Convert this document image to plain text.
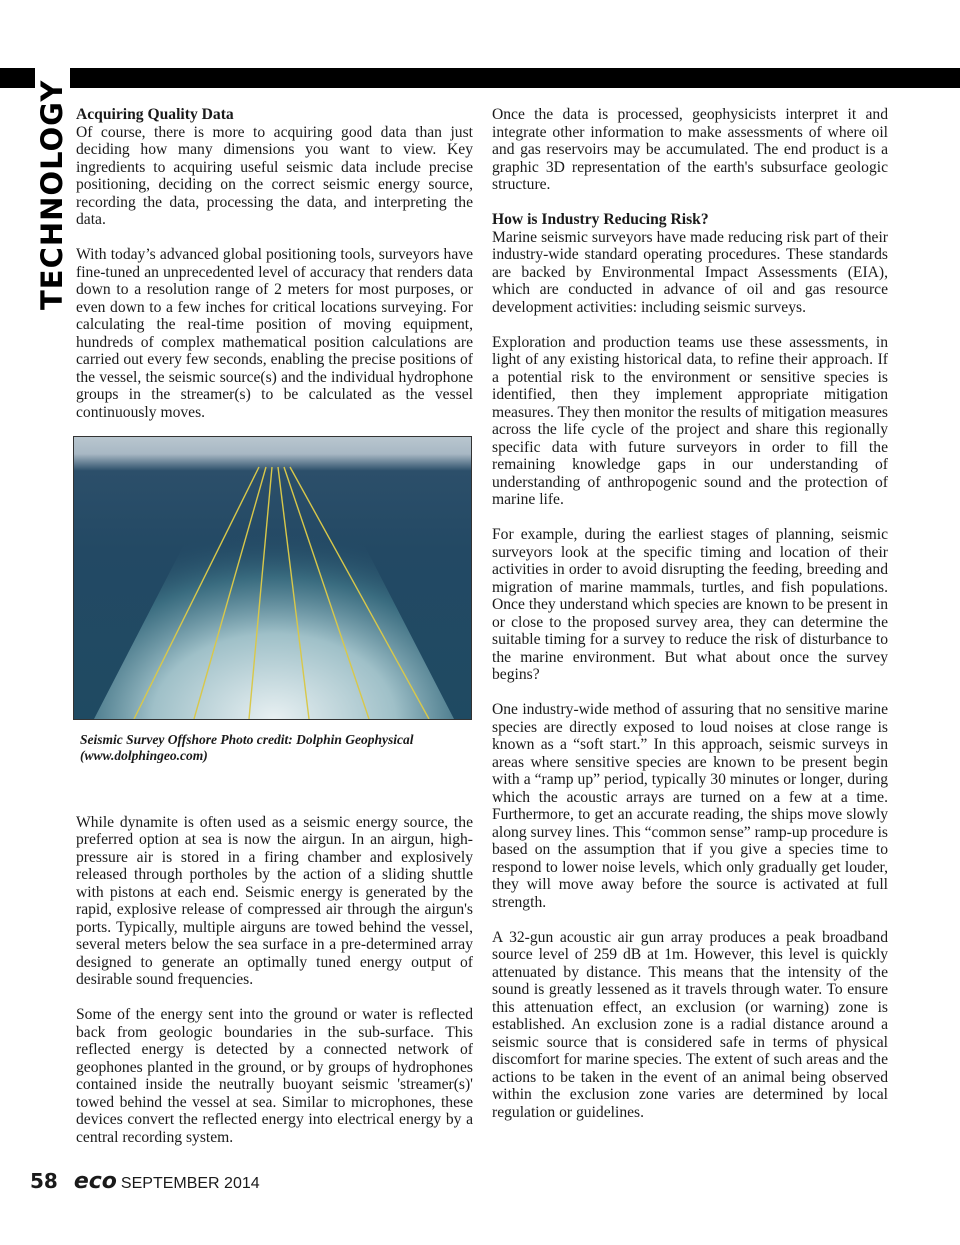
TECHNOLOGY Acquiring Quality Data

Of course, there is more to acquiring good data than just deciding how many dimensions you want to view. Key ingredients to acquiring useful seismic data include precise positioning, deciding on the correct seismic energy source, recording the data, processing the data, and interpreting the data.

With today’s advanced global positioning tools, surveyors have fine-tuned an unprecedented level of accuracy that renders data down to a resolution range of 2 meters for most purposes, or even down to a few inches for critical locations surveying. For calculating the real-time position of moving equipment, hundreds of complex mathematical position calculations are carried out every few seconds, enabling the precise positions of the vessel, the seismic source(s) and the individual hydrophone groups in the streamer(s) to be calculated as the vessel continuously moves.

Seismic Survey Offshore Photo credit: Dolphin Geophysical (www.dolphingeo.com)

While dynamite is often used as a seismic energy source, the preferred option at sea is now the airgun. In an airgun, high-pressure air is stored in a firing chamber and explosively released through portholes by the action of a sliding shuttle with pistons at each end. Seismic energy is generated by the rapid, explosive release of compressed air through the airgun's ports. Typically, multiple airguns are towed behind the vessel, several meters below the sea surface in a pre-determined array designed to generate an optimally tuned energy output of desirable sound frequencies.

Some of the energy sent into the ground or water is reflected back from geologic boundaries in the sub-surface. This reflected energy is detected by a connected network of geophones planted in the ground, or by groups of hydrophones contained inside the neutrally buoyant seismic 'streamer(s)' towed behind the vessel at sea. Similar to microphones, these devices convert the reflected energy into electrical energy by a central recording system.

Once the data is processed, geophysicists interpret it and integrate other information to make assessments of where oil and gas reservoirs may be accumulated. The end product is a graphic 3D representation of the earth's subsurface geologic structure.

How is Industry Reducing Risk?

Marine seismic surveyors have made reducing risk part of their industry-wide standard operating procedures. These standards are backed by Environmental Impact Assessments (EIA), which are conducted in advance of oil and gas resource development activities: including seismic surveys.

Exploration and production teams use these assessments, in light of any existing historical data, to refine their approach. If a potential risk to the environment or sensitive species is identified, then they implement appropriate mitigation measures. They then monitor the results of mitigation measures across the life cycle of the project and share this regionally specific data with future surveyors in order to fill the remaining knowledge gaps in our understanding of understanding of anthropogenic sound and the protection of marine life.

For example, during the earliest stages of planning, seismic surveyors look at the specific timing and location of their activities in order to avoid disrupting the feeding, breeding and migration of marine mammals, turtles, and fish populations. Once they understand which species are known to be present in or close to the proposed survey area, they can determine the suitable timing for a survey to reduce the risk of disturbance to the marine environment. But what about once the survey begins?

One industry-wide method of assuring that no sensitive marine species are directly exposed to loud noises at close range is known as a “soft start.” In this approach, seismic surveys in areas where sensitive species are known to be present begin with a “ramp up” period, typically 30 minutes or longer, during which the acoustic arrays are turned on a few at a time. Furthermore, to get an accurate reading, the ships move slowly along survey lines. This “common sense” ramp-up procedure is based on the assumption that if you give a species time to respond to lower noise levels, which only gradually get louder, they will move away before the source is activated at full strength.

A 32-gun acoustic air gun array produces a peak broadband source level of 259 dB at 1m. However, this level is quickly attenuated by distance. This means that the intensity of the sound is greatly lessened as it travels through water. To ensure this attenuation effect, an exclusion (or warning) zone is established. An exclusion zone is a radial distance around a seismic source that is considered safe in terms of physical discomfort for marine species. The extent of such areas and the actions to be taken in the event of an animal being observed within the exclusion zone varies are determined by local regulation or guidelines.

58 eco SEPTEMBER 2014
